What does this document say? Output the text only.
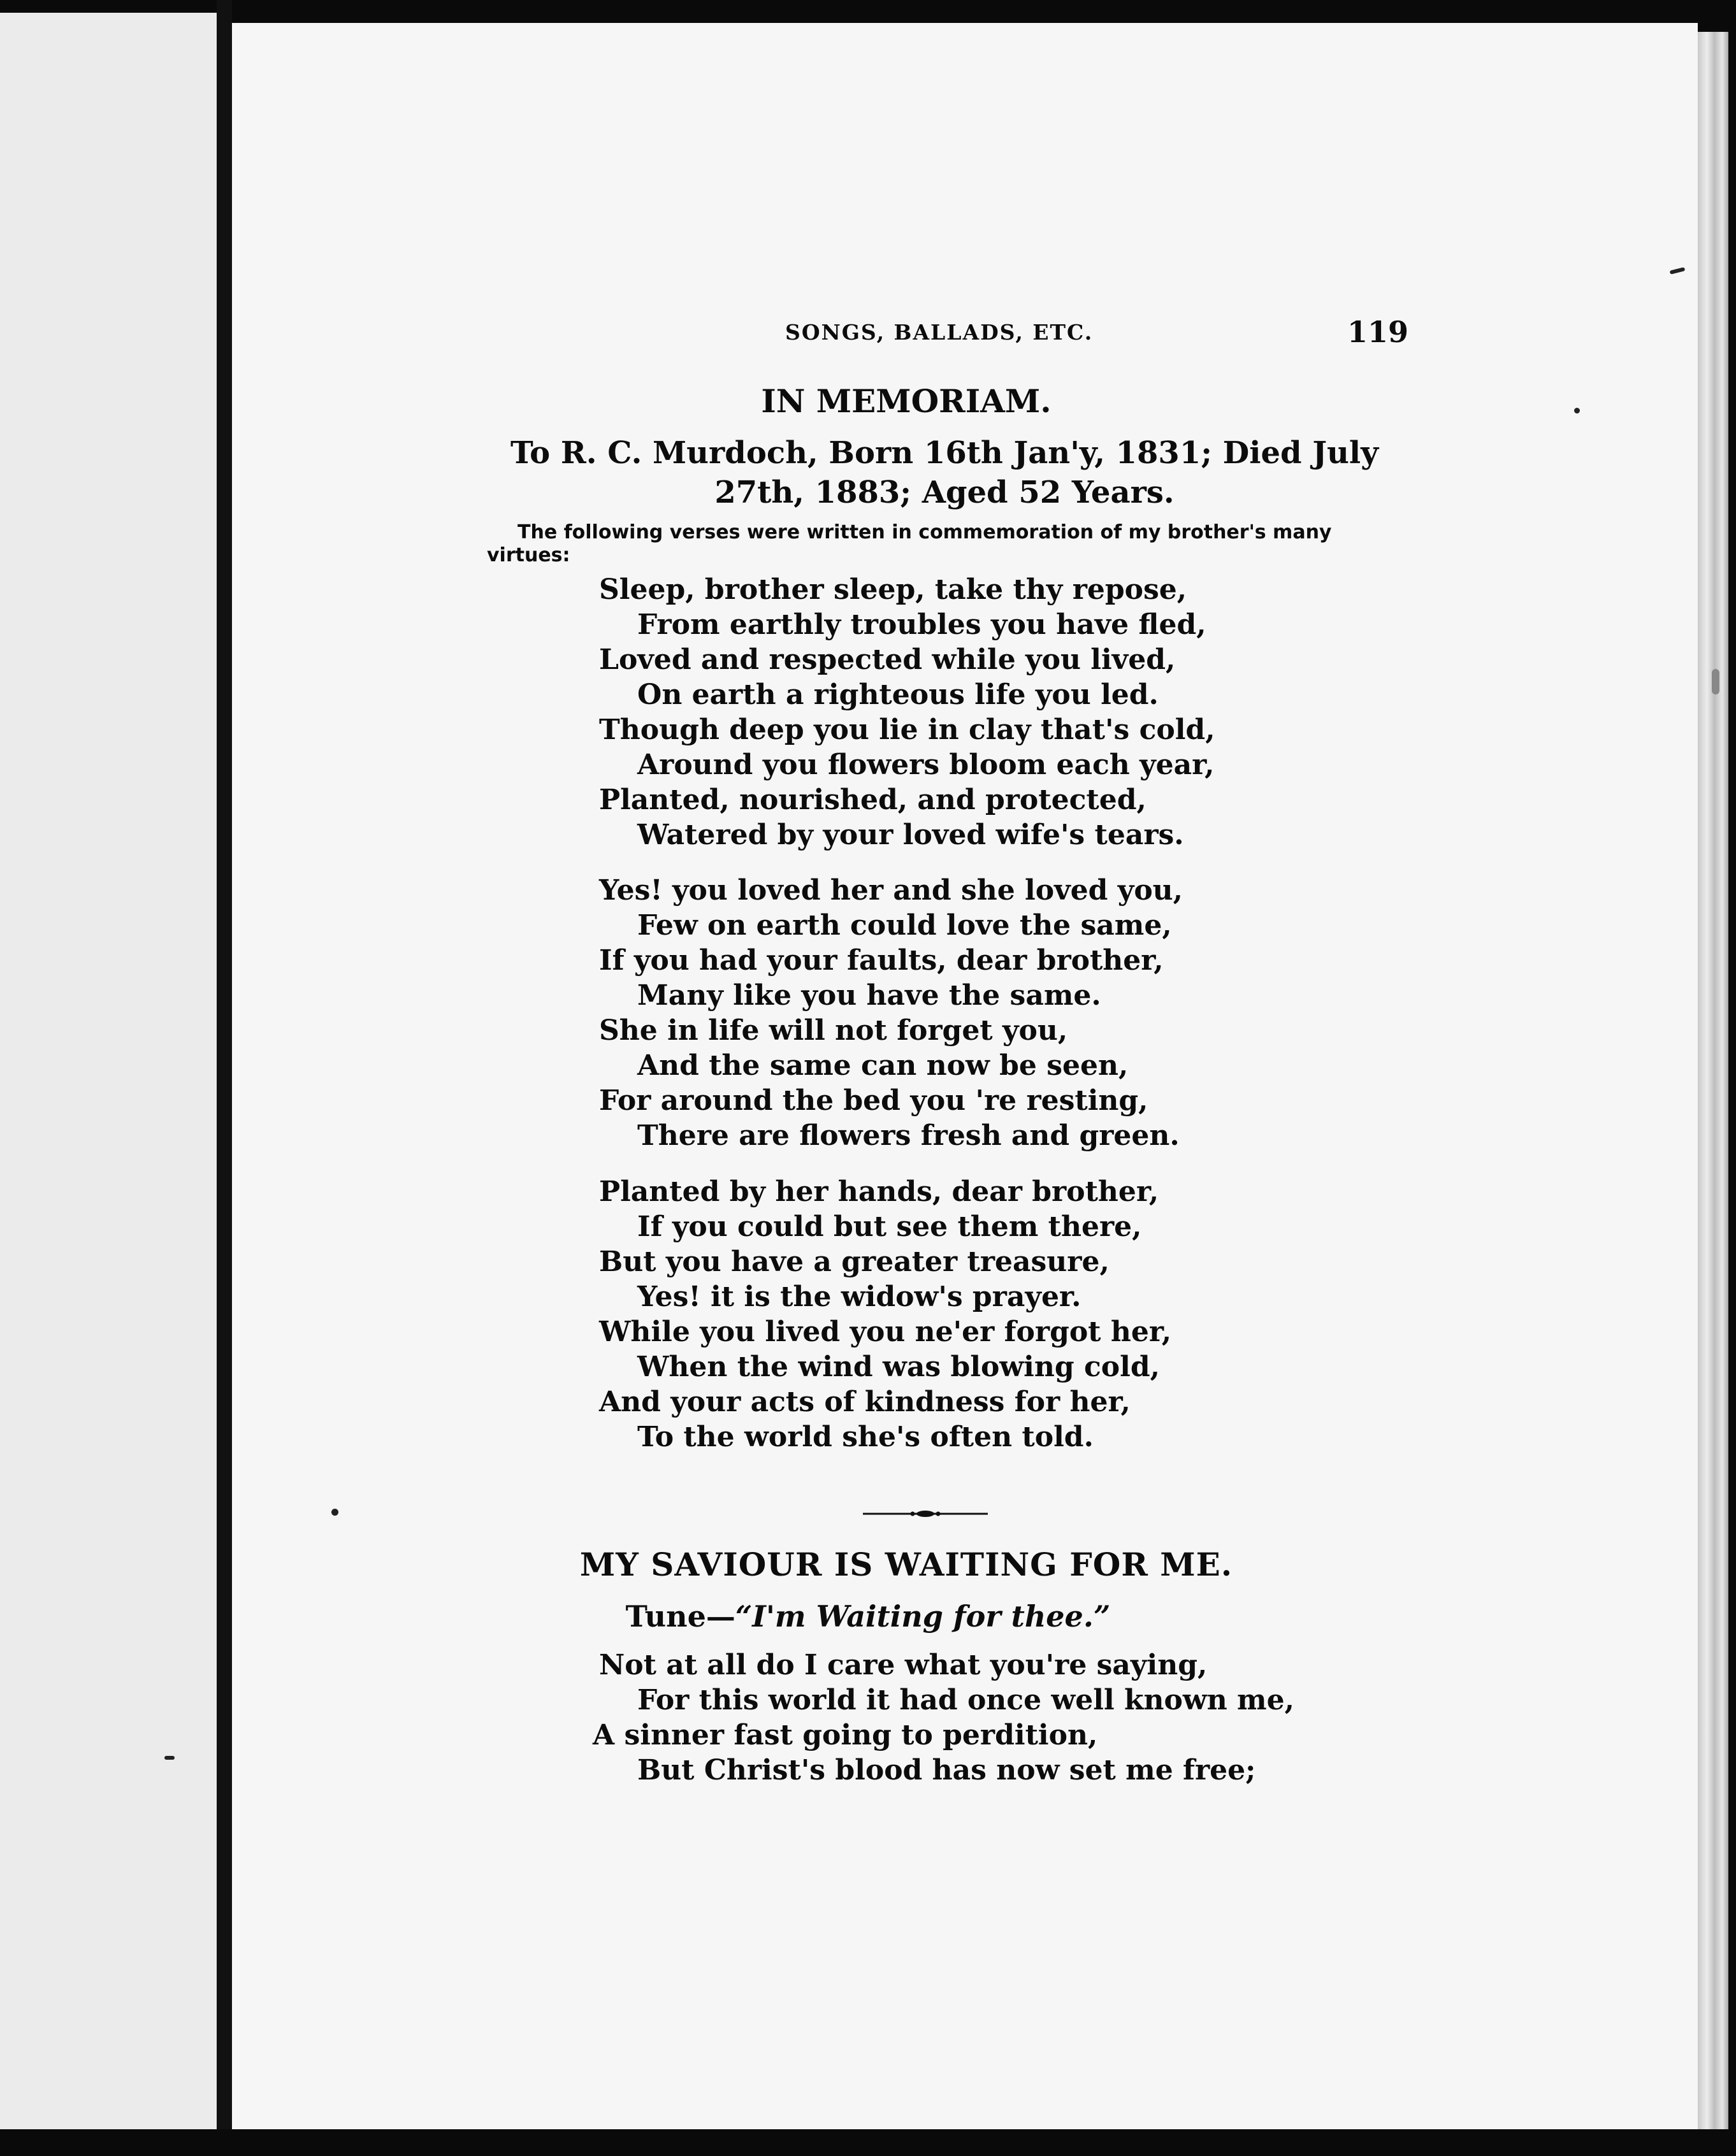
SONGS, BALLADS, ETC.	119
IN MEMORIAM.
To R. C. Murdoch, Born 16th Jan'y, 1831; Died July 27th, 1883; Aged 52 Years.
The following verses were written in commemoration of my brother's many virtues:
Sleep, brother sleep, take thy repose,
From earthly troubles you have fled,
Loved and respected while you lived,
On earth a righteous life you led.
Though deep you lie in clay that's cold,
Around you flowers bloom each year,
Planted, nourished, and protected,
Watered by your loved wife's tears.
Yes! you loved her and she loved you,
Few on earth could love the same,
If you had your faults, dear brother,
Many like you have the same.
She in life will not forget you,
And the same can now be seen,
For around the bed you 're resting,
There are flowers fresh and green.
Planted by her hands, dear brother,
If you could but see them there,
But you have a greater treasure,
Yes! it is the widow's prayer.
While you lived you ne'er forgot her,
When the wind was blowing cold,
And your acts of kindness for her,
To the world she's often told.
MY SAVIOUR IS WAITING FOR ME.
Tune—“I'm Waiting for thee.”
Not at all do I care what you're saying,
For this world it had once well known me,
A sinner fast going to perdition,
But Christ's blood has now set me free;
